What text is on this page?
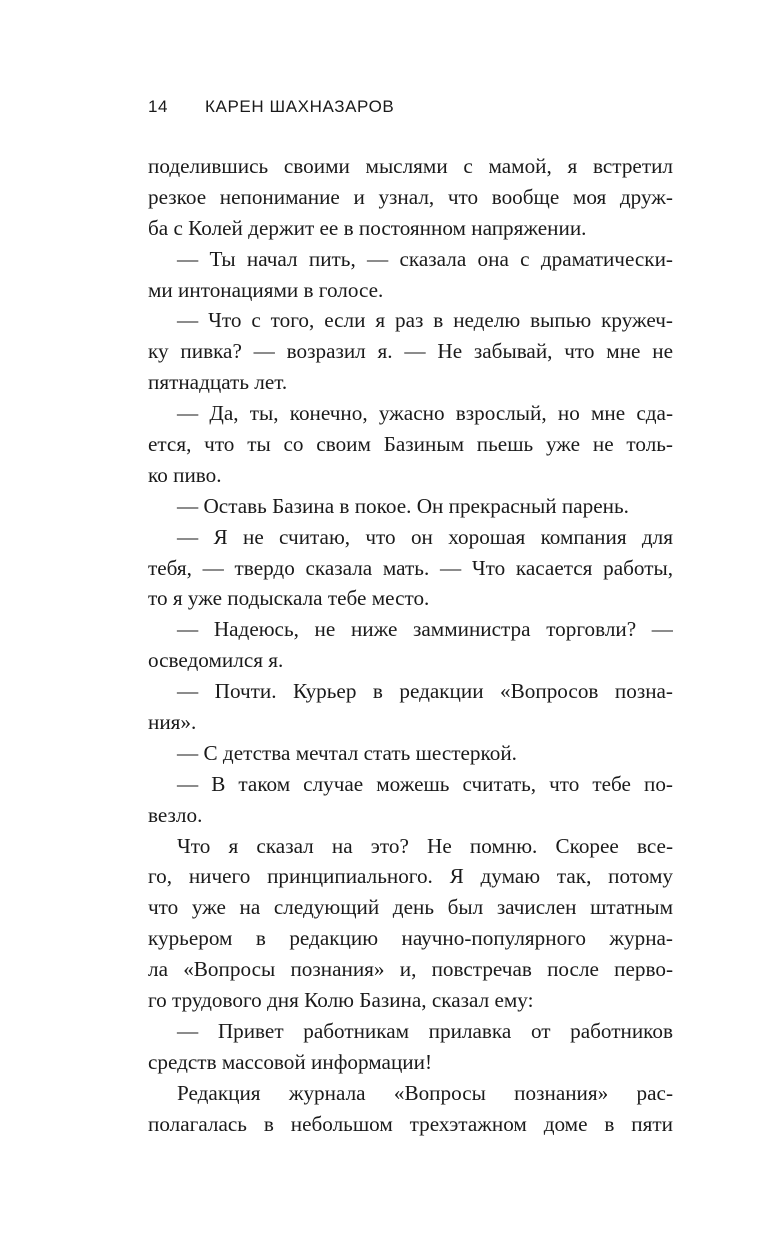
14 КАРЕН ШАХНАЗАРОВ
поделившись своими мыслями с мамой, я встретил
резкое непонимание и узнал, что вообще моя друж-
ба с Колей держит ее в постоянном напряжении.
— Ты начал пить, — сказала она с драматически-
ми интонациями в голосе.
— Что с того, если я раз в неделю выпью кружеч-
ку пивка? — возразил я. — Не забывай, что мне не
пятнадцать лет.
— Да, ты, конечно, ужасно взрослый, но мне сда-
ется, что ты со своим Базиным пьешь уже не толь-
ко пиво.
— Оставь Базина в покое. Он прекрасный парень.
— Я не считаю, что он хорошая компания для
тебя, — твердо сказала мать. — Что касается работы,
то я уже подыскала тебе место.
— Надеюсь, не ниже замминистра торговли? —
осведомился я.
— Почти. Курьер в редакции «Вопросов позна-
ния».
— С детства мечтал стать шестеркой.
— В таком случае можешь считать, что тебе по-
везло.
Что я сказал на это? Не помню. Скорее все-
го, ничего принципиального. Я думаю так, потому
что уже на следующий день был зачислен штатным
курьером в редакцию научно-популярного журна-
ла «Вопросы познания» и, повстречав после перво-
го трудового дня Колю Базина, сказал ему:
— Привет работникам прилавка от работников
средств массовой информации!
Редакция журнала «Вопросы познания» рас-
полагалась в небольшом трехэтажном доме в пяти
